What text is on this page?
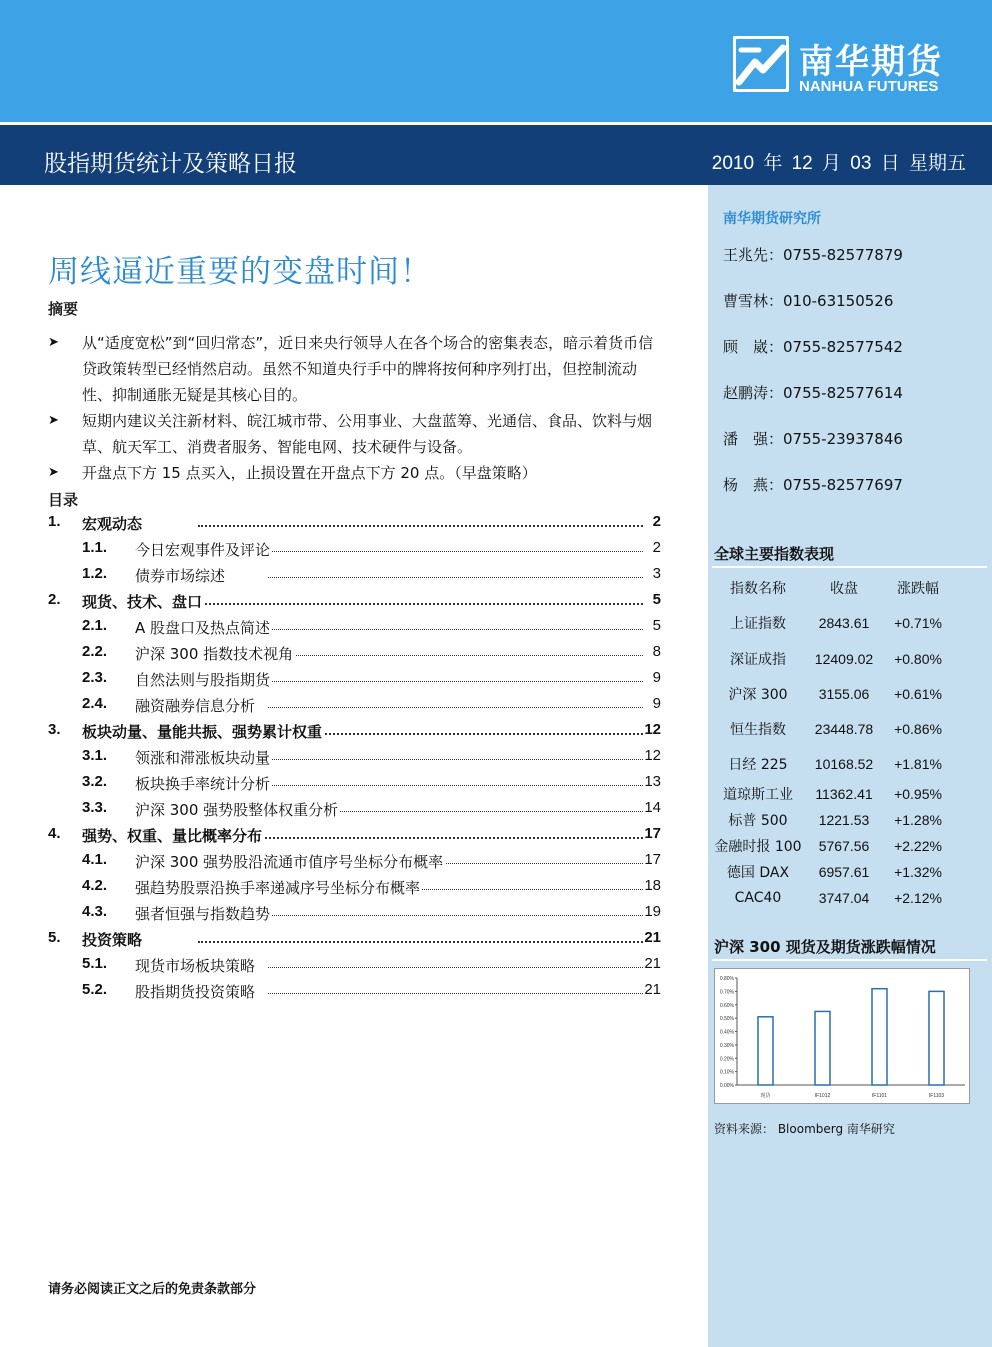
南华期货
NANHUA FUTURES
股指期货统计及策略日报	2010 年 12 月 03 日 星期五
南华期货研究所
王兆先：0755-82577879
曹雪林：010-63150526
顾　崴：0755-82577542
赵鹏涛：0755-82577614
潘　强：0755-23937846
杨　燕：0755-82577697
全球主要指数表现
指数名称	收盘	涨跌幅
上证指数	2843.61	+0.71%
深证成指	12409.02	+0.80%
沪深 300	3155.06	+0.61%
恒生指数	23448.78	+0.86%
日经 225	10168.52	+1.81%
道琼斯工业	11362.41	+0.95%
标普 500	1221.53	+1.28%
金融时报 100	5767.56	+2.22%
德国 DAX	6957.61	+1.32%
CAC40	3747.04	+2.12%
沪深 300 现货及期货涨跌幅情况
0.00%
0.10%
0.20%
0.30%
0.40%
0.50%
0.60%
0.70%
0.80%
现货	IF1012	IF1101	IF1103
资料来源： Bloomberg 南华研究
周线逼近重要的变盘时间！
摘要
➤ 从“适度宽松”到“回归常态”，近日来央行领导人在各个场合的密集表态，暗示着货币信贷政策转型已经悄然启动。虽然不知道央行手中的牌将按何种序列打出，但控制流动性、抑制通胀无疑是其核心目的。
➤ 短期内建议关注新材料、皖江城市带、公用事业、大盘蓝筹、光通信、食品、饮料与烟草、航天军工、消费者服务、智能电网、技术硬件与设备。
➤ 开盘点下方 15 点买入，止损设置在开盘点下方 20 点。（早盘策略）
目录
1. 宏观动态	2
1.1. 今日宏观事件及评论	2
1.2. 债券市场综述	3
2. 现货、技术、盘口	5
2.1. A 股盘口及热点简述	5
2.2. 沪深 300 指数技术视角	8
2.3. 自然法则与股指期货	9
2.4. 融资融券信息分析	9
3. 板块动量、量能共振、强势累计权重	12
3.1. 领涨和滞涨板块动量	12
3.2. 板块换手率统计分析	13
3.3. 沪深 300 强势股整体权重分析	14
4. 强势、权重、量比概率分布	17
4.1. 沪深 300 强势股沿流通市值序号坐标分布概率	17
4.2. 强趋势股票沿换手率递减序号坐标分布概率	18
4.3. 强者恒强与指数趋势	19
5. 投资策略	21
5.1. 现货市场板块策略	21
5.2. 股指期货投资策略	21
请务必阅读正文之后的免责条款部分
